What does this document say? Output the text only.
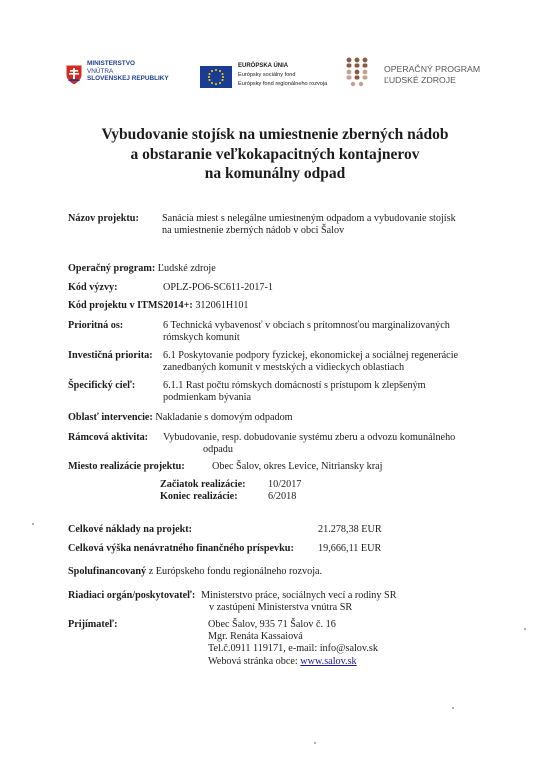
MINISTERSTVO
VNÚTRA
SLOVENSKEJ REPUBLIKY
EURÓPSKA ÚNIA
Európsky sociálny fond
Európsky fond regionálneho rozvoja
OPERAČNÝ PROGRAM
ĽUDSKÉ ZDROJE
Vybudovanie stojísk na umiestnenie zberných nádob
a obstaranie veľkokapacitných kontajnerov
na komunálny odpad
Názov projektu: Sanácia miest s nelegálne umiestneným odpadom a vybudovanie stojísk
na umiestnenie zberných nádob v obci Šalov
Operačný program: Ľudské zdroje
Kód výzvy:	OPLZ-PO6-SC611-2017-1
Kód projektu v ITMS2014+: 312061H101
Prioritná os:	6 Technická vybavenosť v obciach s prítomnosťou marginalizovaných
rómskych komunít
Investičná priorita: 6.1 Poskytovanie podpory fyzickej, ekonomickej a sociálnej regenerácie
zanedbaných komunít v mestských a vidieckych oblastiach
Špecifický cieľ:	6.1.1 Rast počtu rómskych domácností s prístupom k zlepšeným
podmienkam bývania
Oblasť intervencie: Nakladanie s domovým odpadom
Rámcová aktivita: Vybudovanie, resp. dobudovanie systému zberu a odvozu komunálneho
odpadu
Miesto realizácie projektu:	Obec Šalov, okres Levice, Nitriansky kraj
Začiatok realizácie: 10/2017
Koniec realizácie:	6/2018
Celkové náklady na projekt:	21.278,38 EUR
Celková výška nenávratného finančného príspevku: 19,666,11 EUR
Spolufinancovaný z Európskeho fondu regionálneho rozvoja.
Riadiaci orgán/poskytovateľ: Ministerstvo práce, sociálnych vecí a rodiny SR
v zastúpení Ministerstva vnútra SR
Prijímateľ:	Obec Šalov, 935 71 Šalov č. 16
Mgr. Renáta Kassaiová
Tel.č.0911 119171, e-mail: info@salov.sk
Webová stránka obce: www.salov.sk
